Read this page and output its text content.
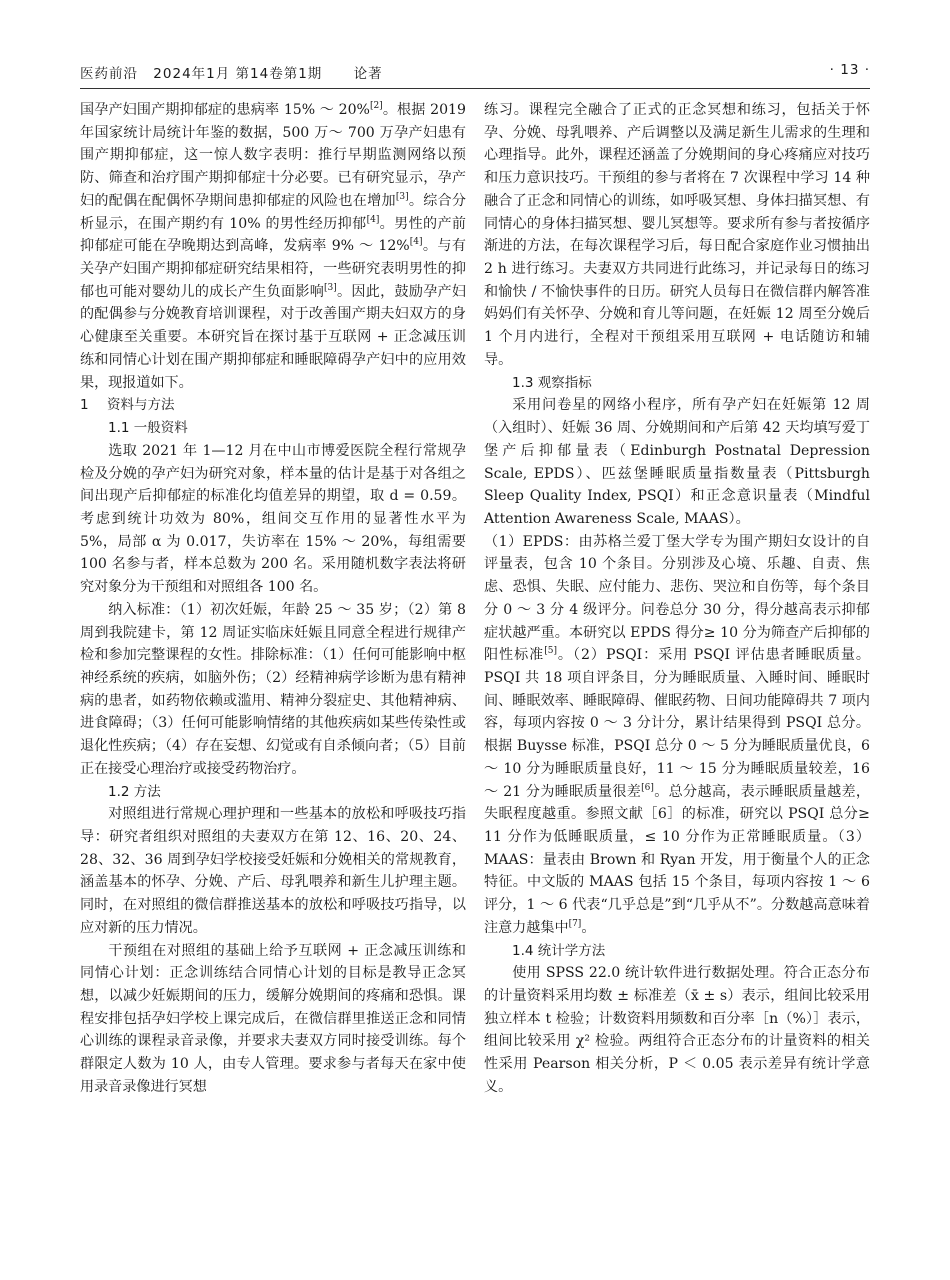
医药前沿 2024年1月 第14卷第1期 论著	· 13 ·

国孕产妇围产期抑郁症的患病率 15% ～ 20%[2]。根据 2019 年国家统计局统计年鉴的数据，500 万～ 700 万孕产妇患有围产期抑郁症，这一惊人数字表明：推行早期监测网络以预防、筛查和治疗围产期抑郁症十分必要。已有研究显示，孕产妇的配偶在配偶怀孕期间患抑郁症的风险也在增加[3]。综合分析显示，在围产期约有 10% 的男性经历抑郁[4]。男性的产前抑郁症可能在孕晚期达到高峰，发病率 9% ～ 12%[4]。与有关孕产妇围产期抑郁症研究结果相符，一些研究表明男性的抑郁也可能对婴幼儿的成长产生负面影响[3]。因此，鼓励孕产妇的配偶参与分娩教育培训课程，对于改善围产期夫妇双方的身心健康至关重要。本研究旨在探讨基于互联网 + 正念减压训练和同情心计划在围产期抑郁症和睡眠障碍孕产妇中的应用效果，现报道如下。

1 资料与方法

1.1 一般资料

选取 2021 年 1—12 月在中山市博爱医院全程行常规孕检及分娩的孕产妇为研究对象，样本量的估计是基于对各组之间出现产后抑郁症的标准化均值差异的期望，取 d = 0.59。考虑到统计功效为 80%，组间交互作用的显著性水平为 5%，局部 α 为 0.017，失访率在 15% ～ 20%，每组需要 100 名参与者，样本总数为 200 名。采用随机数字表法将研究对象分为干预组和对照组各 100 名。

纳入标准：（1）初次妊娠，年龄 25 ～ 35 岁；（2）第 8 周到我院建卡，第 12 周证实临床妊娠且同意全程进行规律产检和参加完整课程的女性。排除标准：（1）任何可能影响中枢神经系统的疾病，如脑外伤；（2）经精神病学诊断为患有精神病的患者，如药物依赖或滥用、精神分裂症史、其他精神病、进食障碍；（3）任何可能影响情绪的其他疾病如某些传染性或退化性疾病；（4）存在妄想、幻觉或有自杀倾向者；（5）目前正在接受心理治疗或接受药物治疗。

1.2 方法

对照组进行常规心理护理和一些基本的放松和呼吸技巧指导：研究者组织对照组的夫妻双方在第 12、16、20、24、28、32、36 周到孕妇学校接受妊娠和分娩相关的常规教育，涵盖基本的怀孕、分娩、产后、母乳喂养和新生儿护理主题。同时，在对照组的微信群推送基本的放松和呼吸技巧指导，以应对新的压力情况。

干预组在对照组的基础上给予互联网 + 正念减压训练和同情心计划：正念训练结合同情心计划的目标是教导正念冥想，以减少妊娠期间的压力，缓解分娩期间的疼痛和恐惧。课程安排包括孕妇学校上课完成后，在微信群里推送正念和同情心训练的课程录音录像，并要求夫妻双方同时接受训练。每个群限定人数为 10 人，由专人管理。要求参与者每天在家中使用录音录像进行冥想

练习。课程完全融合了正式的正念冥想和练习，包括关于怀孕、分娩、母乳喂养、产后调整以及满足新生儿需求的生理和心理指导。此外，课程还涵盖了分娩期间的身心疼痛应对技巧和压力意识技巧。干预组的参与者将在 7 次课程中学习 14 种融合了正念和同情心的训练，如呼吸冥想、身体扫描冥想、有同情心的身体扫描冥想、婴儿冥想等。要求所有参与者按循序渐进的方法，在每次课程学习后，每日配合家庭作业习惯抽出 2 h 进行练习。夫妻双方共同进行此练习，并记录每日的练习和愉快 / 不愉快事件的日历。研究人员每日在微信群内解答准妈妈们有关怀孕、分娩和育儿等问题，在妊娠 12 周至分娩后 1 个月内进行，全程对干预组采用互联网 + 电话随访和辅导。

1.3 观察指标

采用问卷星的网络小程序，所有孕产妇在妊娠第 12 周（入组时）、妊娠 36 周、分娩期间和产后第 42 天均填写爱丁堡产后抑郁量表（Edinburgh Postnatal Depression Scale, EPDS）、匹兹堡睡眠质量指数量表（Pittsburgh Sleep Quality Index, PSQI）和正念意识量表（Mindful Attention Awareness Scale, MAAS）。

（1）EPDS：由苏格兰爱丁堡大学专为围产期妇女设计的自评量表，包含 10 个条目。分别涉及心境、乐趣、自责、焦虑、恐惧、失眠、应付能力、悲伤、哭泣和自伤等，每个条目分 0 ～ 3 分 4 级评分。问卷总分 30 分，得分越高表示抑郁症状越严重。本研究以 EPDS 得分≥ 10 分为筛查产后抑郁的阳性标准[5]。（2）PSQI：采用 PSQI 评估患者睡眠质量。PSQI 共 18 项自评条目，分为睡眠质量、入睡时间、睡眠时间、睡眠效率、睡眠障碍、催眠药物、日间功能障碍共 7 项内容，每项内容按 0 ～ 3 分计分，累计结果得到 PSQI 总分。根据 Buysse 标准，PSQI 总分 0 ～ 5 分为睡眠质量优良，6 ～ 10 分为睡眠质量良好，11 ～ 15 分为睡眠质量较差，16 ～ 21 分为睡眠质量很差[6]。总分越高，表示睡眠质量越差，失眠程度越重。参照文献［6］的标准，研究以 PSQI 总分≥ 11 分作为低睡眠质量，≤ 10 分作为正常睡眠质量。（3）MAAS：量表由 Brown 和 Ryan 开发，用于衡量个人的正念特征。中文版的 MAAS 包括 15 个条目，每项内容按 1 ～ 6 评分，1 ～ 6 代表“几乎总是”到“几乎从不”。分数越高意味着注意力越集中[7]。

1.4 统计学方法

使用 SPSS 22.0 统计软件进行数据处理。符合正态分布的计量资料采用均数 ± 标准差（x̄ ± s）表示，组间比较采用独立样本 t 检验；计数资料用频数和百分率［n（%）］表示，组间比较采用 χ² 检验。两组符合正态分布的计量资料的相关性采用 Pearson 相关分析，P ＜ 0.05 表示差异有统计学意义。
